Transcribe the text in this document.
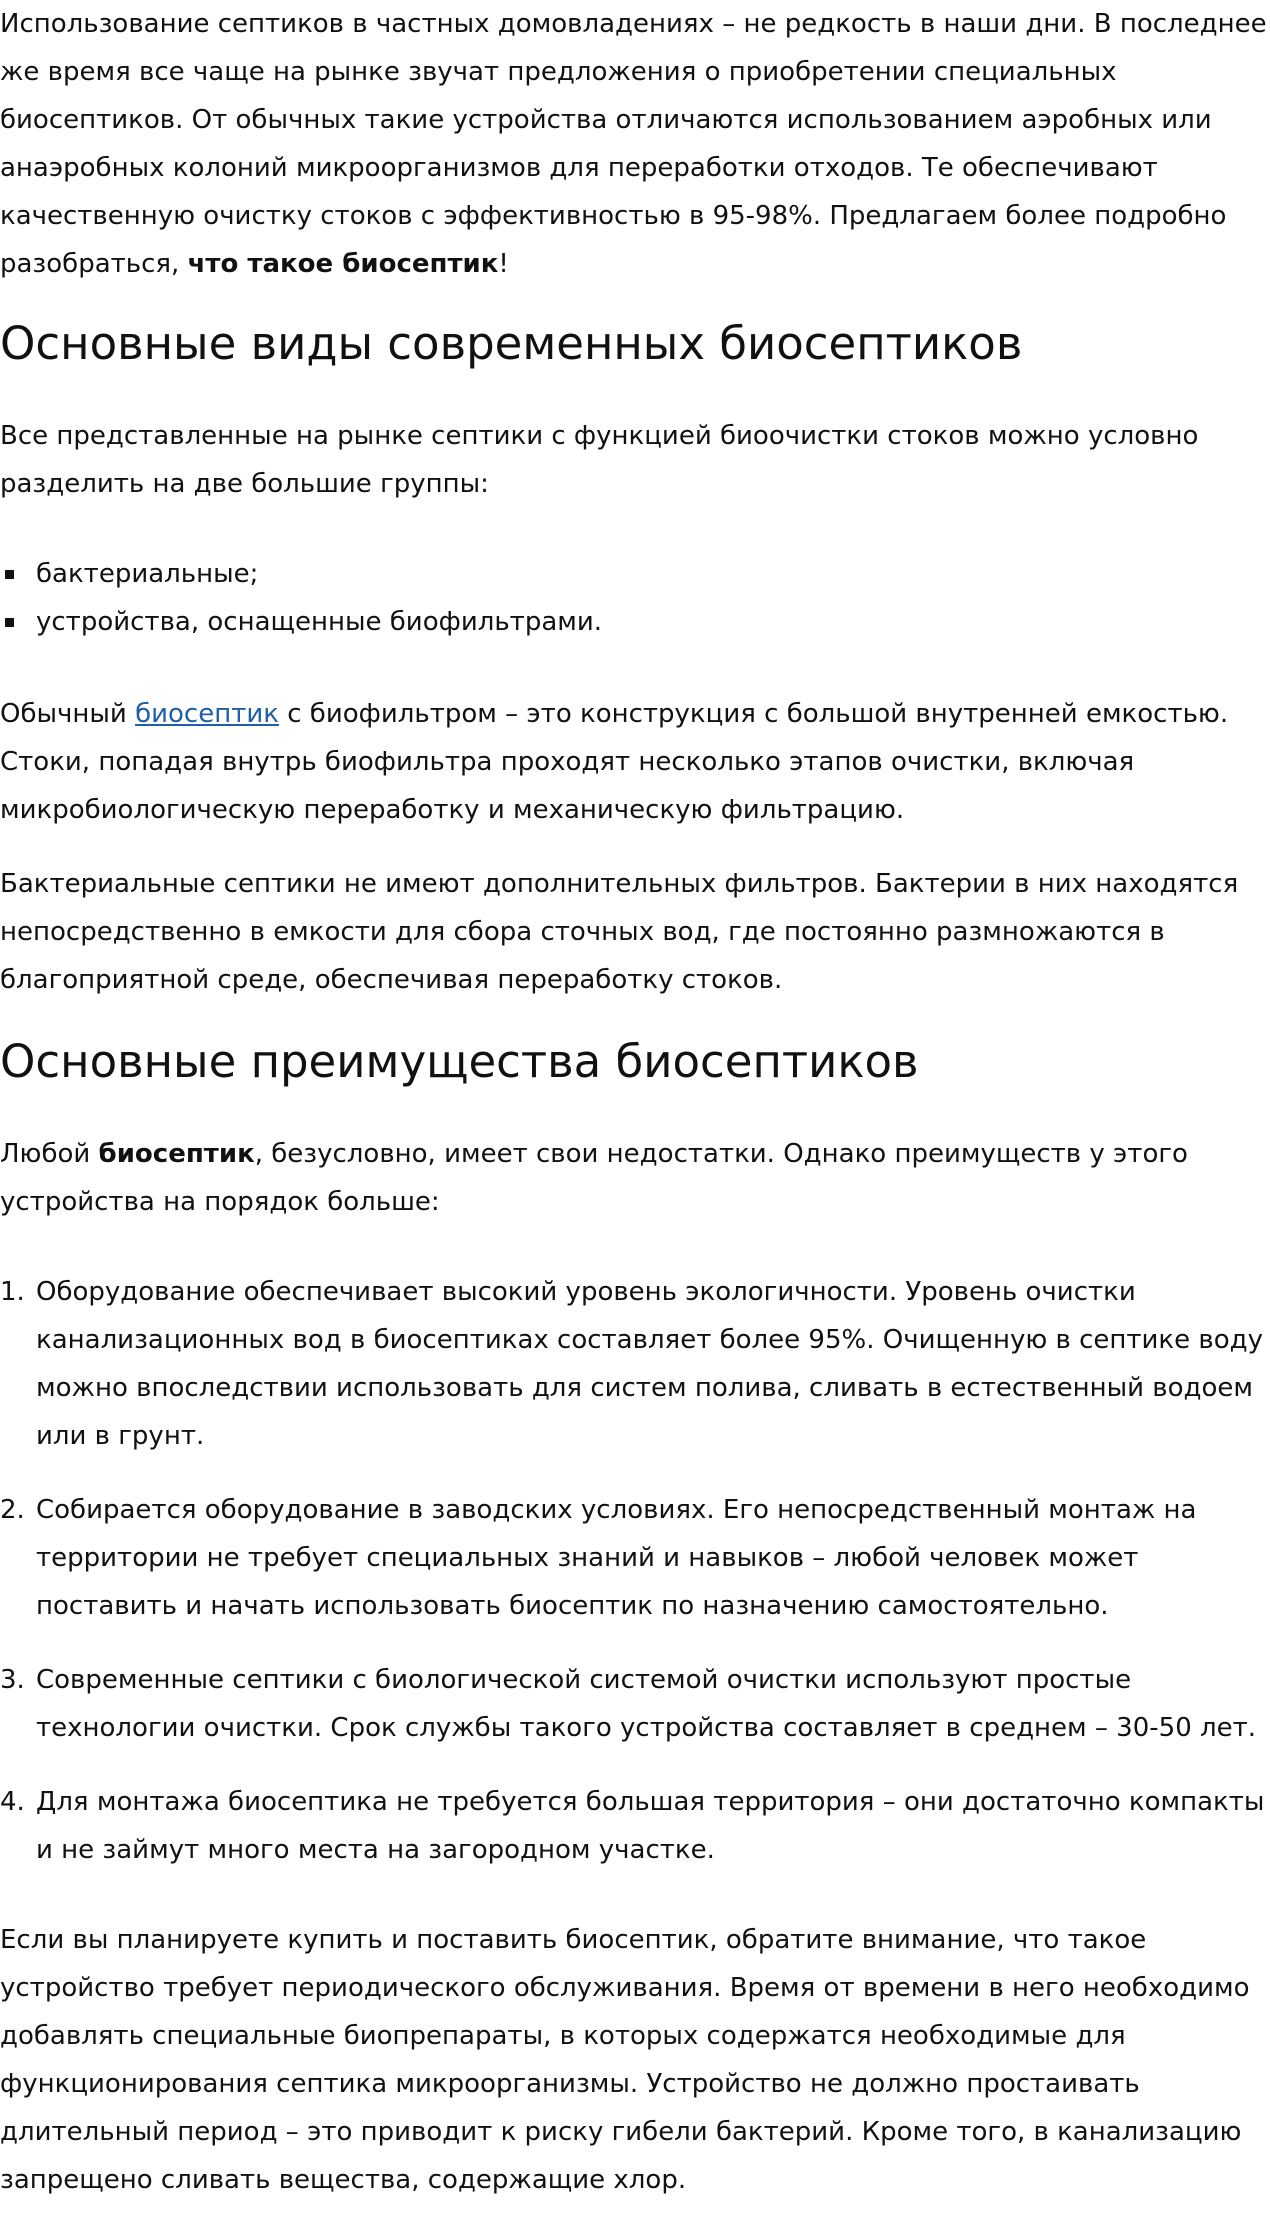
Использование септиков в частных домовладениях – не редкость в наши дни. В последнее же время все чаще на рынке звучат предложения о приобретении специальных биосептиков. От обычных такие устройства отличаются использованием аэробных или анаэробных колоний микроорганизмов для переработки отходов. Те обеспечивают качественную очистку стоков с эффективностью в 95-98%. Предлагаем более подробно разобраться, что такое биосептик!

Основные виды современных биосептиков

Все представленные на рынке септики с функцией биоочистки стоков можно условно разделить на две большие группы:

бактериальные;
устройства, оснащенные биофильтрами.

Обычный биосептик с биофильтром – это конструкция с большой внутренней емкостью. Стоки, попадая внутрь биофильтра проходят несколько этапов очистки, включая микробиологическую переработку и механическую фильтрацию.

Бактериальные септики не имеют дополнительных фильтров. Бактерии в них находятся непосредственно в емкости для сбора сточных вод, где постоянно размножаются в благоприятной среде, обеспечивая переработку стоков.

Основные преимущества биосептиков

Любой биосептик, безусловно, имеет свои недостатки. Однако преимуществ у этого устройства на порядок больше:

1. Оборудование обеспечивает высокий уровень экологичности. Уровень очистки канализационных вод в биосептиках составляет более 95%. Очищенную в септике воду можно впоследствии использовать для систем полива, сливать в естественный водоем или в грунт.
2. Собирается оборудование в заводских условиях. Его непосредственный монтаж на территории не требует специальных знаний и навыков – любой человек может поставить и начать использовать биосептик по назначению самостоятельно.
3. Современные септики с биологической системой очистки используют простые технологии очистки. Срок службы такого устройства составляет в среднем – 30-50 лет.
4. Для монтажа биосептика не требуется большая территория – они достаточно компакты и не займут много места на загородном участке.

Если вы планируете купить и поставить биосептик, обратите внимание, что такое устройство требует периодического обслуживания. Время от времени в него необходимо добавлять специальные биопрепараты, в которых содержатся необходимые для функционирования септика микроорганизмы. Устройство не должно простаивать длительный период – это приводит к риску гибели бактерий. Кроме того, в канализацию запрещено сливать вещества, содержащие хлор.
